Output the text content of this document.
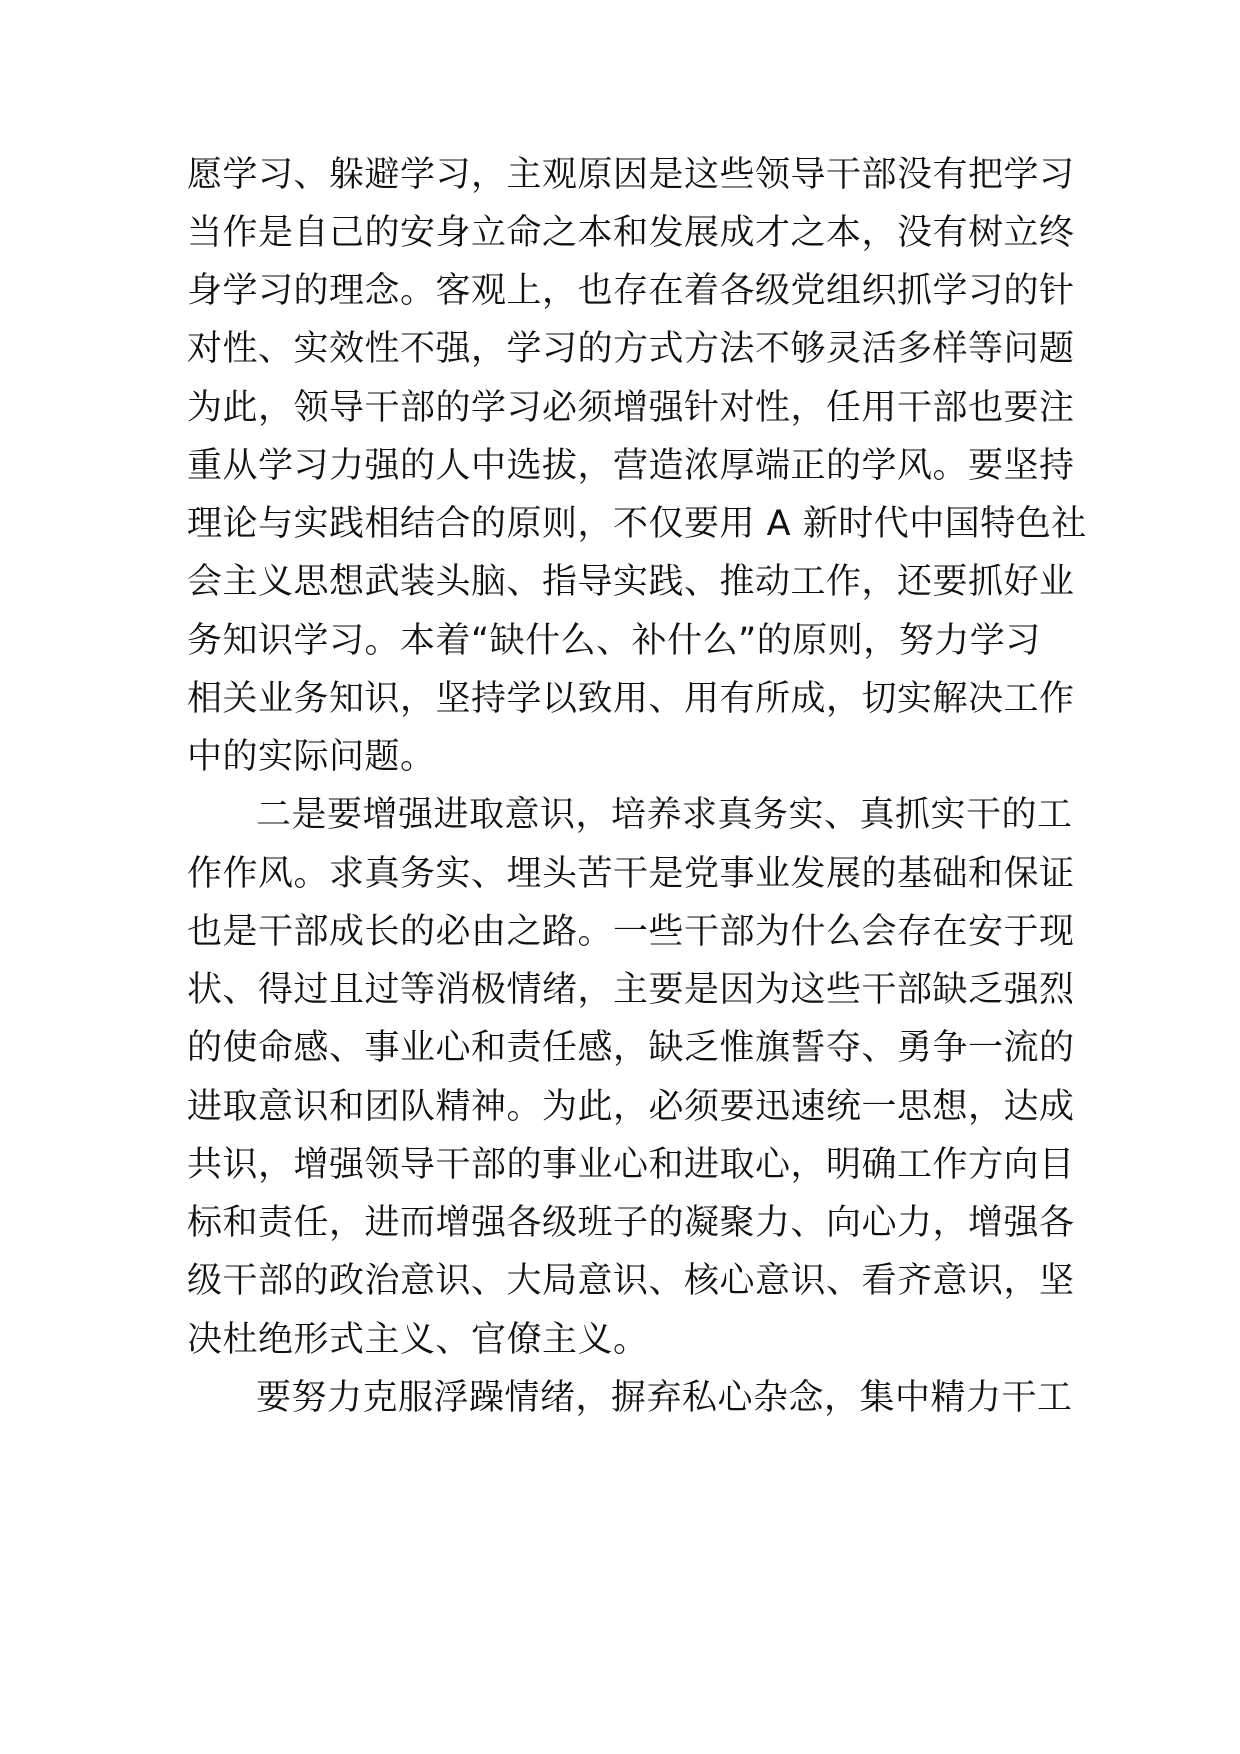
愿学习、躲避学习，主观原因是这些领导干部没有把学习
当作是自己的安身立命之本和发展成才之本，没有树立终
身学习的理念。客观上，也存在着各级党组织抓学习的针
对性、实效性不强，学习的方式方法不够灵活多样等问题
为此，领导干部的学习必须增强针对性，任用干部也要注
重从学习力强的人中选拔，营造浓厚端正的学风。要坚持
理论与实践相结合的原则，不仅要用 A 新时代中国特色社
会主义思想武装头脑、指导实践、推动工作，还要抓好业
务知识学习。本着“缺什么、补什么”的原则，努力学习
相关业务知识，坚持学以致用、用有所成，切实解决工作
中的实际问题。
二是要增强进取意识，培养求真务实、真抓实干的工
作作风。求真务实、埋头苦干是党事业发展的基础和保证
也是干部成长的必由之路。一些干部为什么会存在安于现
状、得过且过等消极情绪，主要是因为这些干部缺乏强烈
的使命感、事业心和责任感，缺乏惟旗誓夺、勇争一流的
进取意识和团队精神。为此，必须要迅速统一思想，达成
共识，增强领导干部的事业心和进取心，明确工作方向目
标和责任，进而增强各级班子的凝聚力、向心力，增强各
级干部的政治意识、大局意识、核心意识、看齐意识，坚
决杜绝形式主义、官僚主义。
要努力克服浮躁情绪，摒弃私心杂念，集中精力干工
